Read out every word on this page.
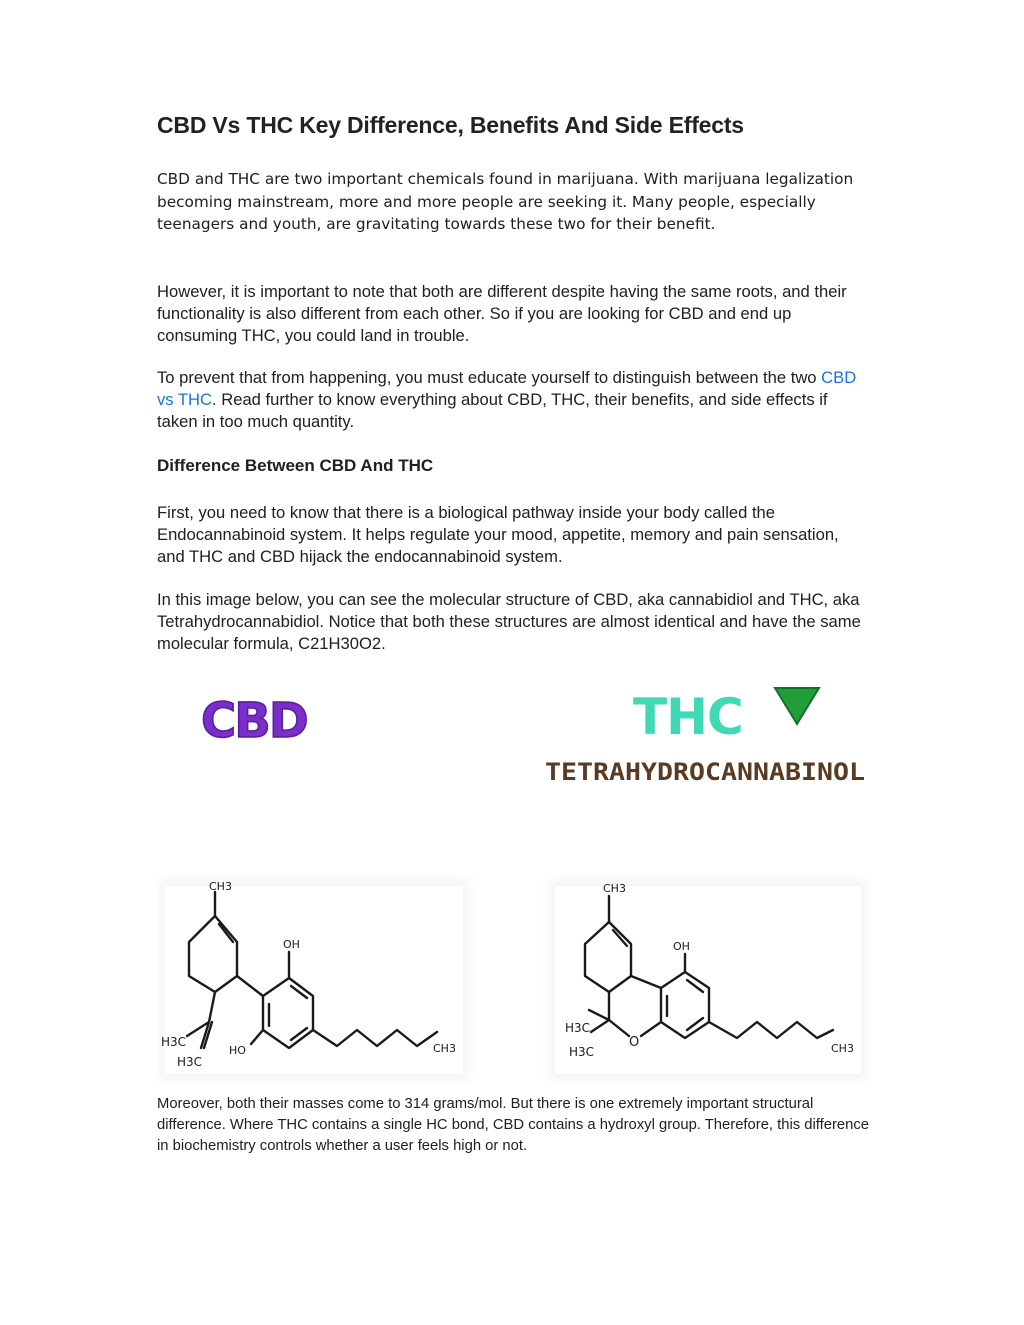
CBD Vs THC Key Difference, Benefits And Side Effects

CBD and THC are two important chemicals found in marijuana. With marijuana legalization becoming mainstream, more and more people are seeking it. Many people, especially teenagers and youth, are gravitating towards these two for their benefit.

However, it is important to note that both are different despite having the same roots, and their functionality is also different from each other. So if you are looking for CBD and end up consuming THC, you could land in trouble.

To prevent that from happening, you must educate yourself to distinguish between the two CBD vs THC. Read further to know everything about CBD, THC, their benefits, and side effects if taken in too much quantity.

Difference Between CBD And THC

First, you need to know that there is a biological pathway inside your body called the Endocannabinoid system. It helps regulate your mood, appetite, memory and pain sensation, and THC and CBD hijack the endocannabinoid system.

In this image below, you can see the molecular structure of CBD, aka cannabidiol and THC, aka Tetrahydrocannabidiol. Notice that both these structures are almost identical and have the same molecular formula, C21H30O2.

Moreover, both their masses come to 314 grams/mol. But there is one extremely important structural difference. Where THC contains a single HC bond, CBD contains a hydroxyl group. Therefore, this difference in biochemistry controls whether a user feels high or not.

CBD	THC
TETRAHYDROCANNABINOL
CH3
OH
HO
H3C
H3C
CH3
CH3
OH
O
H3C
H3C	CH3
